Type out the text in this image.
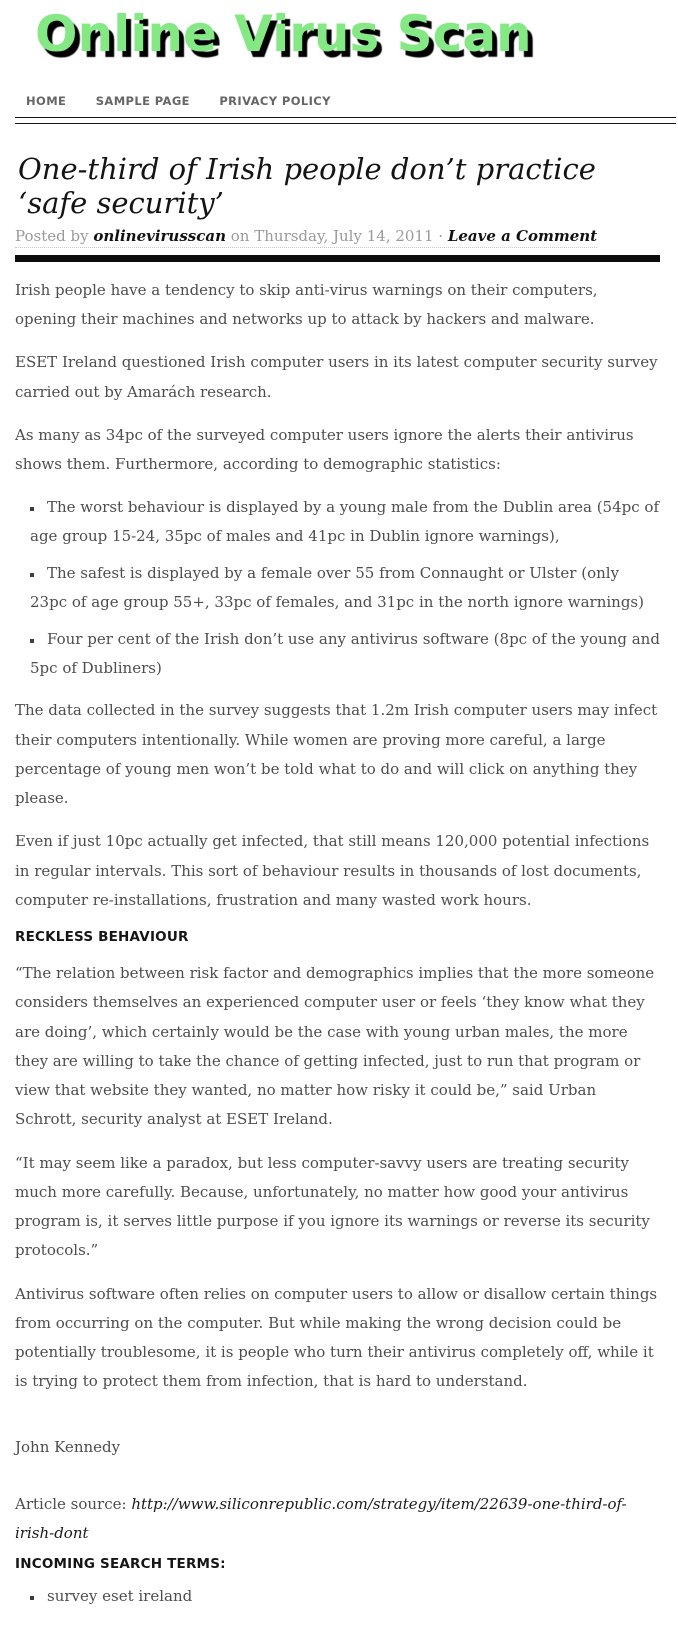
Online Virus Scan
HOME	SAMPLE PAGE	PRIVACY POLICY
One-third of Irish people don’t practice ‘safe security’
Posted by onlinevirusscan on Thursday, July 14, 2011 · Leave a Comment

Irish people have a tendency to skip anti-virus warnings on their computers, opening their machines and networks up to attack by hackers and malware.

ESET Ireland questioned Irish computer users in its latest computer security survey carried out by Amarách research.

As many as 34pc of the surveyed computer users ignore the alerts their antivirus shows them. Furthermore, according to demographic statistics:

▪ The worst behaviour is displayed by a young male from the Dublin area (54pc of age group 15-24, 35pc of males and 41pc in Dublin ignore warnings),
▪ The safest is displayed by a female over 55 from Connaught or Ulster (only 23pc of age group 55+, 33pc of females, and 31pc in the north ignore warnings)
▪ Four per cent of the Irish don’t use any antivirus software (8pc of the young and 5pc of Dubliners)

The data collected in the survey suggests that 1.2m Irish computer users may infect their computers intentionally. While women are proving more careful, a large percentage of young men won’t be told what to do and will click on anything they please.

Even if just 10pc actually get infected, that still means 120,000 potential infections in regular intervals. This sort of behaviour results in thousands of lost documents, computer re-installations, frustration and many wasted work hours.

RECKLESS BEHAVIOUR

“The relation between risk factor and demographics implies that the more someone considers themselves an experienced computer user or feels ‘they know what they are doing’, which certainly would be the case with young urban males, the more they are willing to take the chance of getting infected, just to run that program or view that website they wanted, no matter how risky it could be,” said Urban Schrott, security analyst at ESET Ireland.

“It may seem like a paradox, but less computer-savvy users are treating security much more carefully. Because, unfortunately, no matter how good your antivirus program is, it serves little purpose if you ignore its warnings or reverse its security protocols.”

Antivirus software often relies on computer users to allow or disallow certain things from occurring on the computer. But while making the wrong decision could be potentially troublesome, it is people who turn their antivirus completely off, while it is trying to protect them from infection, that is hard to understand.

John Kennedy

Article source: http://www.siliconrepublic.com/strategy/item/22639-one-third-of-irish-dont

INCOMING SEARCH TERMS:
▪ survey eset ireland
